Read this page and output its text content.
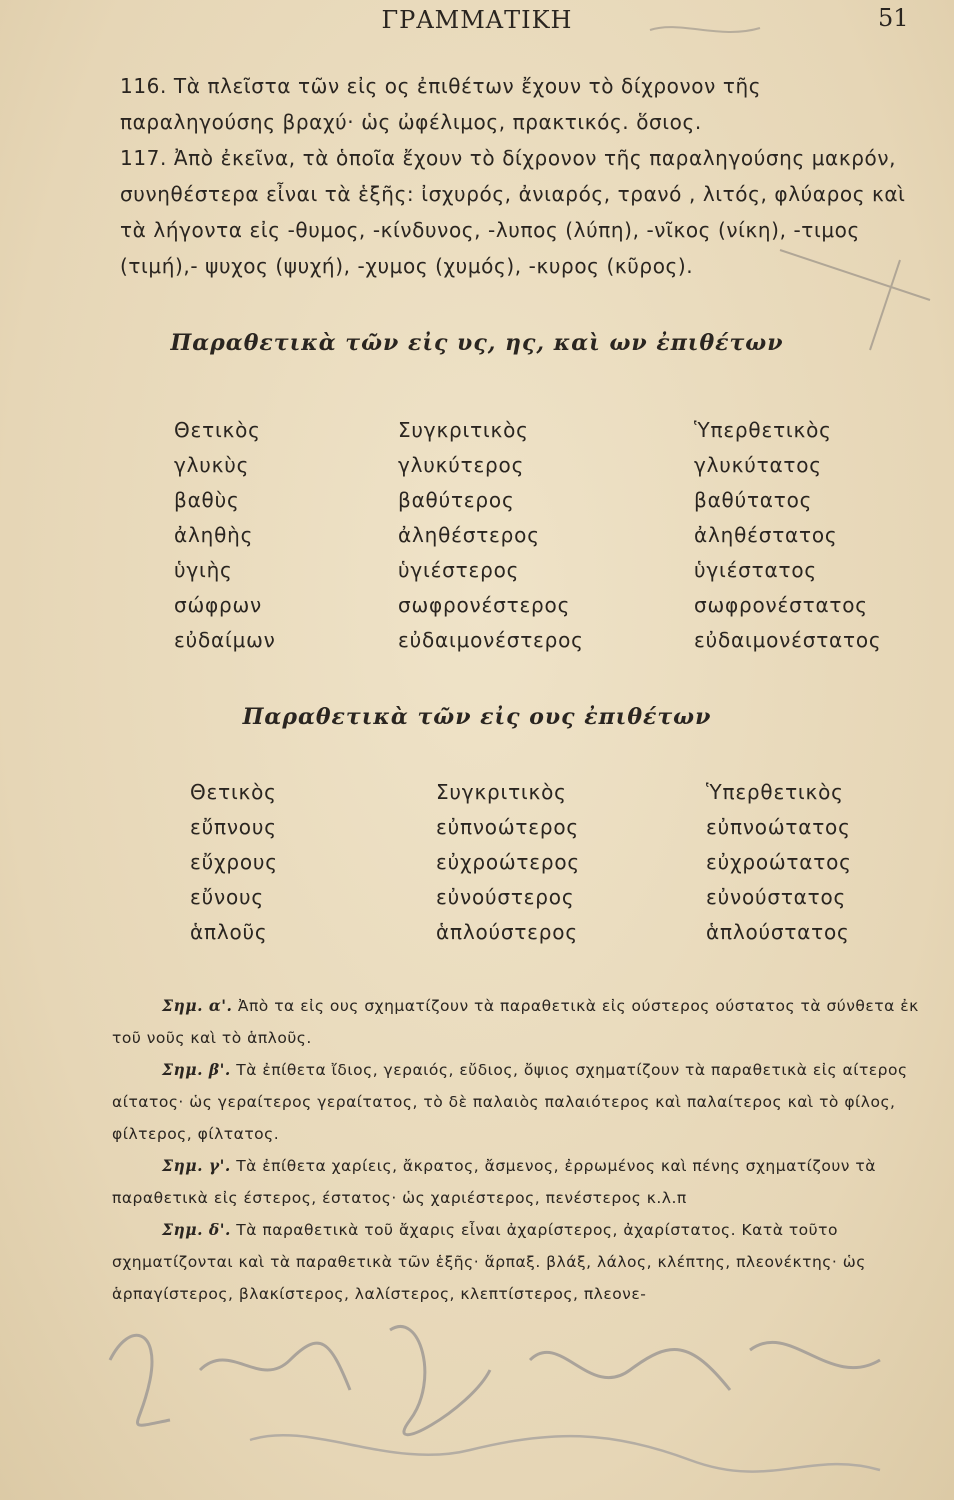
ΓΡΑΜΜΑΤΙΚΗ	51
116. Τὰ πλεῖστα τῶν εἰς ος ἐπιθέτων ἔχουν τὸ δίχρονον τῆς παραληγούσης βραχύ· ὡς ὠφέλιμος, πρακτικός. ὅσιος.
117. Ἀπὸ ἐκεῖνα, τὰ ὁποῖα ἔχουν τὸ δίχρονον τῆς παραληγούσης μακρόν, συνηθέστερα εἶναι τὰ ἑξῆς: ἰσχυρός, ἀνιαρός, τρανό , λιτός, φλύαρος καὶ τὰ λήγοντα εἰς -θυμος, -κίνδυνος, -λυπος (λύπη), -νῖκος (νίκη), -τιμος (τιμή),- ψυχος (ψυχή), -χυμος (χυμός), -κυρος (κῦρος).
Παραθετικὰ τῶν εἰς υς, ης, καὶ ων ἐπιθέτων
Θετικὸς	Συγκριτικὸς	Ὑπερθετικὸς
γλυκὺς	γλυκύτερος	γλυκύτατος
βαθὺς	βαθύτερος	βαθύτατος
ἀληθὴς	ἀληθέστερος	ἀληθέστατος
ὑγιὴς	ὑγιέστερος	ὑγιέστατος
σώφρων	σωφρονέστερος	σωφρονέστατος
εὐδαίμων	εὐδαιμονέστερος	εὐδαιμονέστατος
Παραθετικὰ τῶν εἰς ους ἐπιθέτων
Θετικὸς	Συγκριτικὸς	Ὑπερθετικὸς
εὔπνους	εὐπνοώτερος	εὐπνοώτατος
εὔχρους	εὐχροώτερος	εὐχροώτατος
εὔνους	εὐνούστερος	εὐνούστατος
ἁπλοῦς	ἁπλούστερος	ἁπλούστατος

Σημ. α'. Ἀπὸ τα εἰς ους σχηματίζουν τὰ παραθετικὰ εἰς ούστερος ούστατος τὰ σύνθετα ἐκ τοῦ νοῦς καὶ τὸ ἁπλοῦς.

Σημ. β'. Τὰ ἐπίθετα ἴδιος, γεραιός, εὔδιος, ὄψιος σχηματίζουν τὰ παραθετικὰ εἰς αίτερος αίτατος· ὡς γεραίτερος γεραίτατος, τὸ δὲ παλαιὸς παλαιότερος καὶ παλαίτερος καὶ τὸ φίλος, φίλτερος, φίλτατος.

Σημ. γ'. Τὰ ἐπίθετα χαρίεις, ἄκρατος, ἄσμενος, ἐρρωμένος καὶ πένης σχηματίζουν τὰ παραθετικὰ εἰς έστερος, έστατος· ὡς χαριέστερος, πενέστερος κ.λ.π

Σημ. δ'. Τὰ παραθετικὰ τοῦ ἄχαρις εἶναι ἀχαρίστερος, ἀχαρίστατος. Κατὰ τοῦτο σχηματίζονται καὶ τὰ παραθετικὰ τῶν ἑξῆς· ἅρπαξ. βλάξ, λάλος, κλέπτης, πλεονέκτης· ὡς ἁρπαγίστερος, βλακίστερος, λαλίστερος, κλεπτίστερος, πλεονε-
